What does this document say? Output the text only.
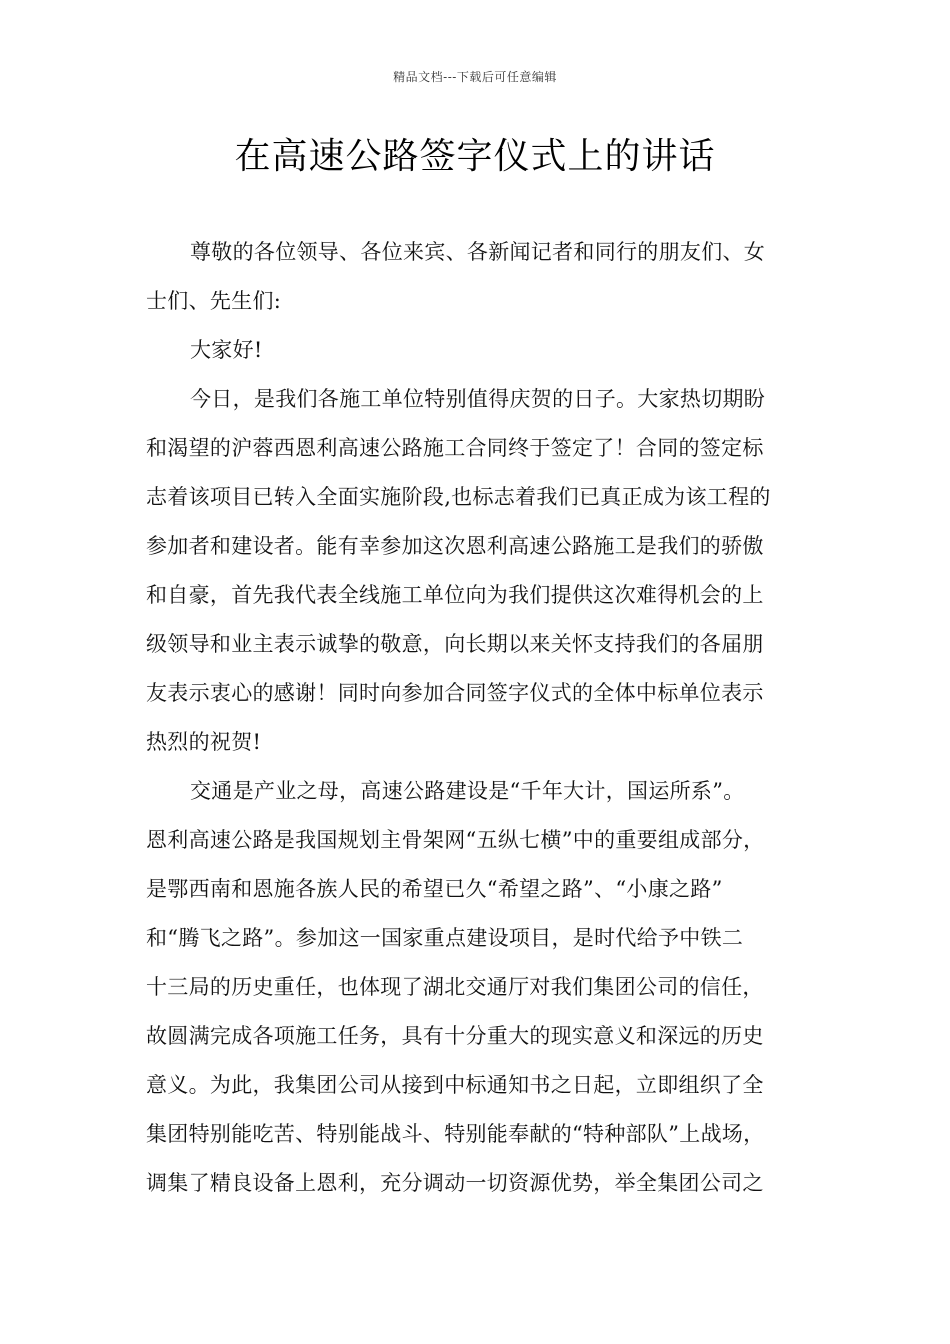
精品文档---下载后可任意编辑
在高速公路签字仪式上的讲话
尊敬的各位领导、各位来宾、各新闻记者和同行的朋友们、女
士们、先生们:
大家好!
今日，是我们各施工单位特别值得庆贺的日子。大家热切期盼
和渴望的沪蓉西恩利高速公路施工合同终于签定了！合同的签定标
志着该项目已转入全面实施阶段,也标志着我们已真正成为该工程的
参加者和建设者。能有幸参加这次恩利高速公路施工是我们的骄傲
和自豪，首先我代表全线施工单位向为我们提供这次难得机会的上
级领导和业主表示诚挚的敬意，向长期以来关怀支持我们的各届朋
友表示衷心的感谢！同时向参加合同签字仪式的全体中标单位表示
热烈的祝贺!
交通是产业之母，高速公路建设是“千年大计，国运所系”。
恩利高速公路是我国规划主骨架网“五纵七横”中的重要组成部分，
是鄂西南和恩施各族人民的希望已久“希望之路”、“小康之路”
和“腾飞之路”。参加这一国家重点建设项目，是时代给予中铁二
十三局的历史重任，也体现了湖北交通厅对我们集团公司的信任，
故圆满完成各项施工任务，具有十分重大的现实意义和深远的历史
意义。为此，我集团公司从接到中标通知书之日起，立即组织了全
集团特别能吃苦、特别能战斗、特别能奉献的“特种部队”上战场，
调集了精良设备上恩利，充分调动一切资源优势，举全集团公司之
